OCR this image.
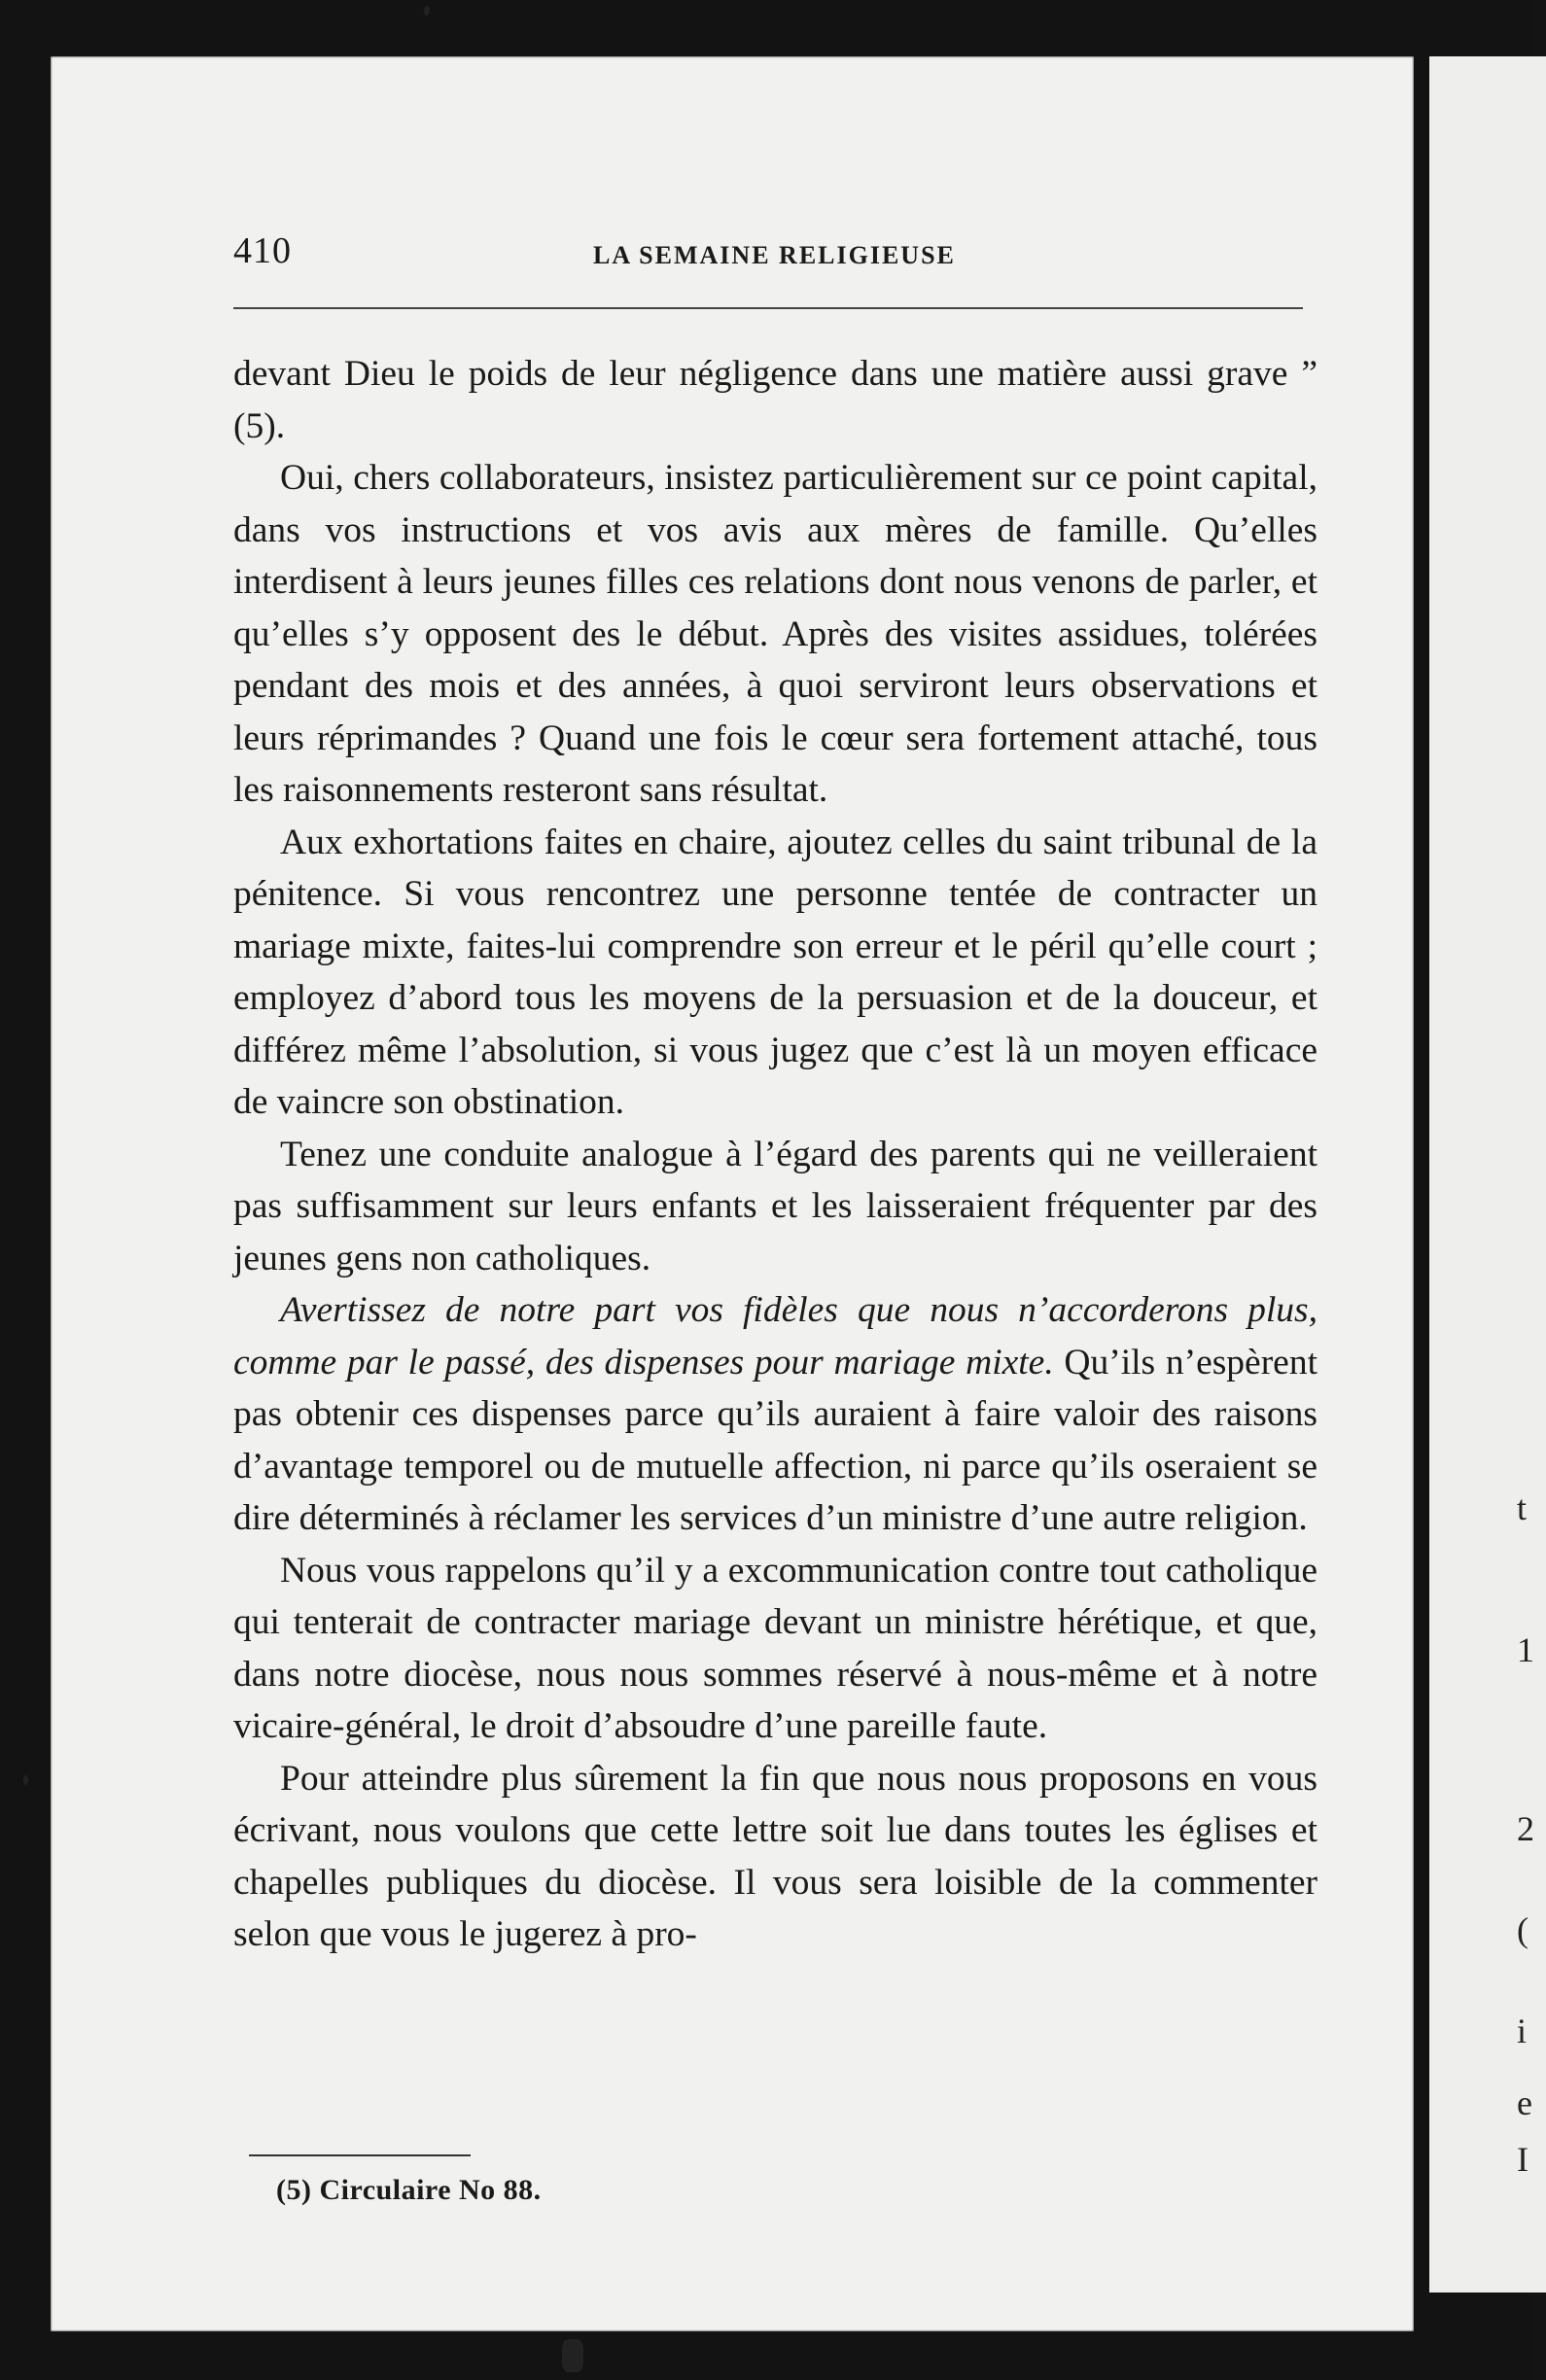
410	LA SEMAINE RELIGIEUSE

devant Dieu le poids de leur négligence dans une matière aussi grave ” (5).

Oui, chers collaborateurs, insistez particulièrement sur ce point capital, dans vos instructions et vos avis aux mères de famille. Qu’elles interdisent à leurs jeunes filles ces relations dont nous venons de parler, et qu’elles s’y opposent des le début. Après des visites assidues, tolérées pendant des mois et des années, à quoi serviront leurs observations et leurs réprimandes ? Quand une fois le cœur sera fortement attaché, tous les raisonnements resteront sans résultat.

Aux exhortations faites en chaire, ajoutez celles du saint tribunal de la pénitence. Si vous rencontrez une personne tentée de contracter un mariage mixte, faites-lui comprendre son erreur et le péril qu’elle court ; employez d’abord tous les moyens de la persuasion et de la douceur, et différez même l’absolution, si vous jugez que c’est là un moyen efficace de vaincre son obstination.

Tenez une conduite analogue à l’égard des parents qui ne veilleraient pas suffisamment sur leurs enfants et les laisseraient fréquenter par des jeunes gens non catholiques.

Avertissez de notre part vos fidèles que nous n’accorderons plus, comme par le passé, des dispenses pour mariage mixte. Qu’ils n’espèrent pas obtenir ces dispenses parce qu’ils auraient à faire valoir des raisons d’avantage temporel ou de mutuelle affection, ni parce qu’ils oseraient se dire déterminés à réclamer les services d’un ministre d’une autre religion.

Nous vous rappelons qu’il y a excommunication contre tout catholique qui tenterait de contracter mariage devant un ministre hérétique, et que, dans notre diocèse, nous nous sommes réservé à nous-même et à notre vicaire-général, le droit d’absoudre d’une pareille faute.

Pour atteindre plus sûrement la fin que nous nous proposons en vous écrivant, nous voulons que cette lettre soit lue dans toutes les églises et chapelles publiques du diocèse. Il vous sera loisible de la commenter selon que vous le jugerez à pro-

(5) Circulaire No 88.
t
1
2
(
i
e
I
